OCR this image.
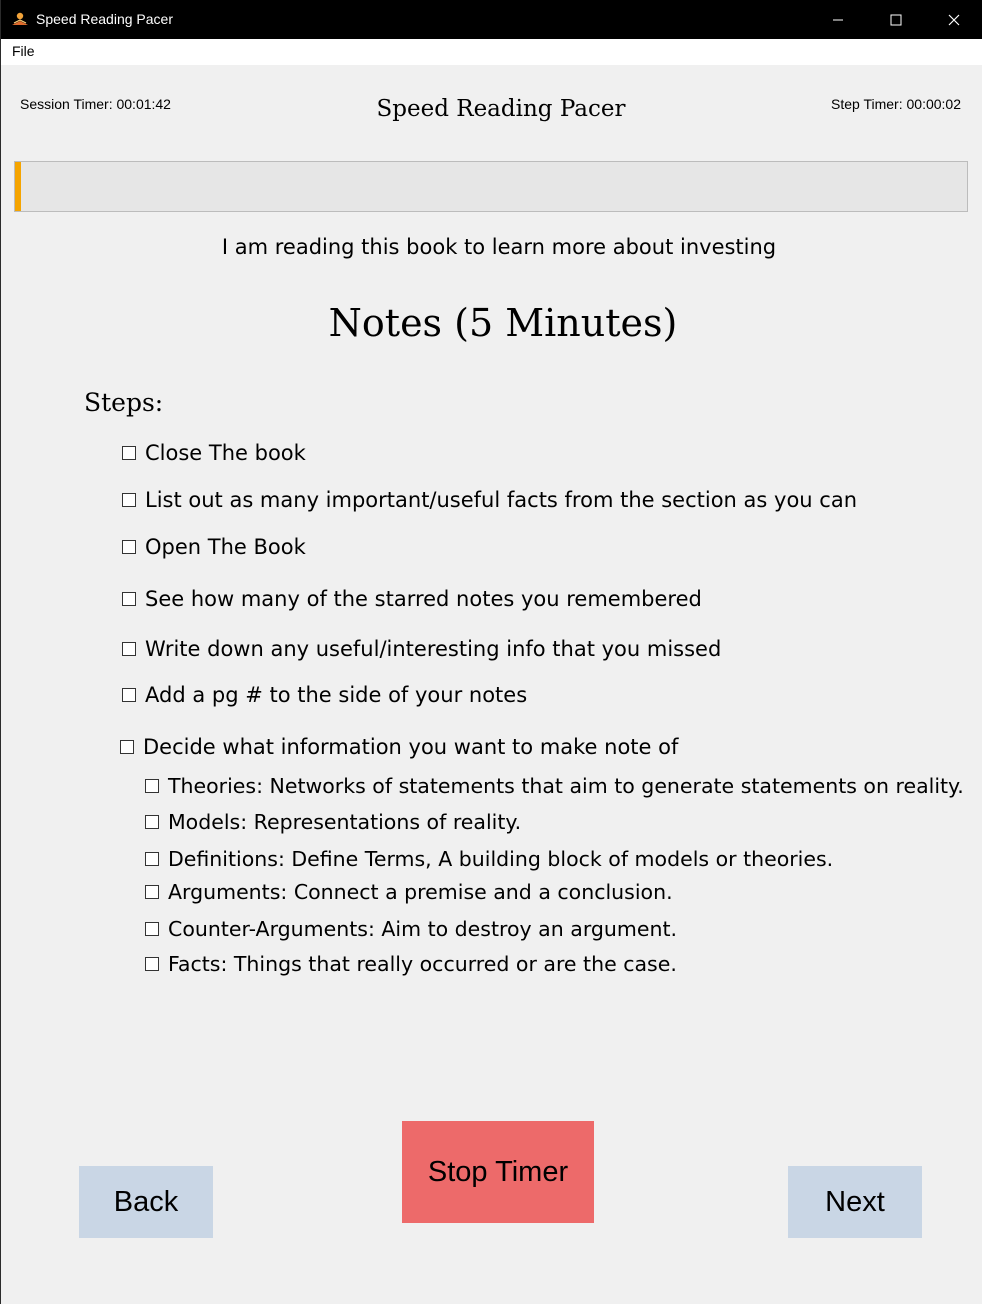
Speed Reading Pacer
File
Session Timer: 00:01:42	Speed Reading Pacer	Step Timer: 00:00:02
I am reading this book to learn more about investing
Notes (5 Minutes)
Steps:
Close The book
List out as many important/useful facts from the section as you can
Open The Book
See how many of the starred notes you remembered
Write down any useful/interesting info that you missed
Add a pg # to the side of your notes
Decide what information you want to make note of
Theories: Networks of statements that aim to generate statements on reality.
Models: Representations of reality.
Definitions: Define Terms, A building block of models or theories.
Arguments: Connect a premise and a conclusion.
Counter-Arguments: Aim to destroy an argument.
Facts: Things that really occurred or are the case.
Back
Stop Timer
Next
